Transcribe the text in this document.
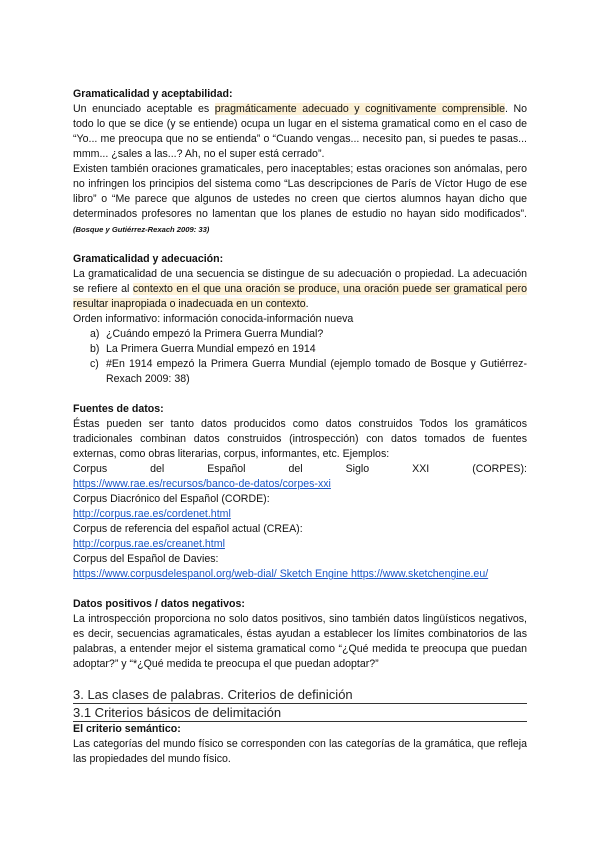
Gramaticalidad y aceptabilidad:
Un enunciado aceptable es pragmáticamente adecuado y cognitivamente comprensible. No todo lo que se dice (y se entiende) ocupa un lugar en el sistema gramatical como en el caso de “Yo... me preocupa que no se entienda” o “Cuando vengas... necesito pan, si puedes te pasas... mmm... ¿sales a las...? Ah, no el super está cerrado”.
Existen también oraciones gramaticales, pero inaceptables; estas oraciones son anómalas, pero no infringen los principios del sistema como “Las descripciones de París de Víctor Hugo de ese libro” o “Me parece que algunos de ustedes no creen que ciertos alumnos hayan dicho que determinados profesores no lamentan que los planes de estudio no hayan sido modificados”. (Bosque y Gutiérrez-Rexach 2009: 33)
Gramaticalidad y adecuación:
La gramaticalidad de una secuencia se distingue de su adecuación o propiedad. La adecuación se refiere al contexto en el que una oración se produce, una oración puede ser gramatical pero resultar inapropiada o inadecuada en un contexto.
Orden informativo: información conocida-información nueva
a) ¿Cuándo empezó la Primera Guerra Mundial?
b) La Primera Guerra Mundial empezó en 1914
c) #En 1914 empezó la Primera Guerra Mundial (ejemplo tomado de Bosque y Gutiérrez-Rexach 2009: 38)
Fuentes de datos:
Éstas pueden ser tanto datos producidos como datos construidos Todos los gramáticos tradicionales combinan datos construidos (introspección) con datos tomados de fuentes externas, como obras literarias, corpus, informantes, etc. Ejemplos:
Corpus	del	Español	del	Siglo	XXI	(CORPES):
https://www.rae.es/recursos/banco-de-datos/corpes-xxi
Corpus Diacrónico del Español (CORDE):
http://corpus.rae.es/cordenet.html
Corpus de referencia del español actual (CREA):
http://corpus.rae.es/creanet.html
Corpus del Español de Davies:
https://www.corpusdelespanol.org/web-dial/ Sketch Engine https://www.sketchengine.eu/
Datos positivos / datos negativos:
La introspección proporciona no solo datos positivos, sino también datos lingüísticos negativos, es decir, secuencias agramaticales, éstas ayudan a establecer los límites combinatorios de las palabras, a entender mejor el sistema gramatical como “¿Qué medida te preocupa que puedan adoptar?” y “*¿Qué medida te preocupa el que puedan adoptar?”
3. Las clases de palabras. Criterios de definición
3.1 Criterios básicos de delimitación
El criterio semántico:
Las categorías del mundo físico se corresponden con las categorías de la gramática, que refleja las propiedades del mundo físico.
